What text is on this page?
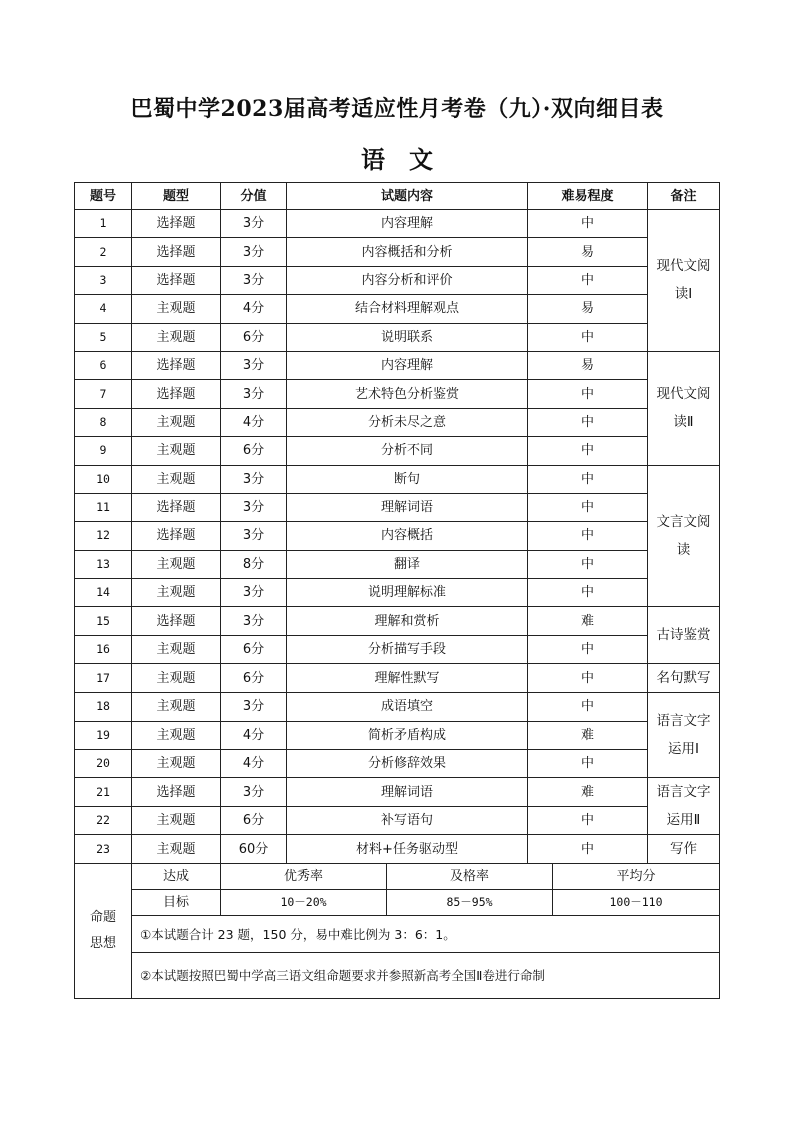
巴蜀中学2023届高考适应性月考卷（九）·双向细目表
语　文
题号	题型	分值	试题内容	难易程度	备注
1	选择题	3分	内容理解	中	现代文阅
读Ⅰ
2	选择题	3分	内容概括和分析	易	
3	选择题	3分	内容分析和评价	中	
4	主观题	4分	结合材料理解观点	易	
5	主观题	6分	说明联系	中	
6	选择题	3分	内容理解	易	现代文阅
读Ⅱ
7	选择题	3分	艺术特色分析鉴赏	中	
8	主观题	4分	分析未尽之意	中	
9	主观题	6分	分析不同	中	
10	主观题	3分	断句	中	文言文阅
读
11	选择题	3分	理解词语	中	
12	选择题	3分	内容概括	中	
13	主观题	8分	翻译	中	
14	主观题	3分	说明理解标准	中	
15	选择题	3分	理解和赏析	难	古诗鉴赏
16	主观题	6分	分析描写手段	中	
17	主观题	6分	理解性默写	中	名句默写
18	主观题	3分	成语填空	中	语言文字
运用Ⅰ
19	主观题	4分	简析矛盾构成	难	
20	主观题	4分	分析修辞效果	中	
21	选择题	3分	理解词语	难	语言文字
运用Ⅱ
22	主观题	6分	补写语句	中	
23	主观题	60分	材料+任务驱动型	中	写作
命题
思想	达成	优秀率	及格率	平均分
	目标	10－20%	85－95%	100－110
	①本试题合计 23 题，150 分，易中难比例为 3：6：1。			
	②本试题按照巴蜀中学高三语文组命题要求并参照新高考全国Ⅱ卷进行命制			
